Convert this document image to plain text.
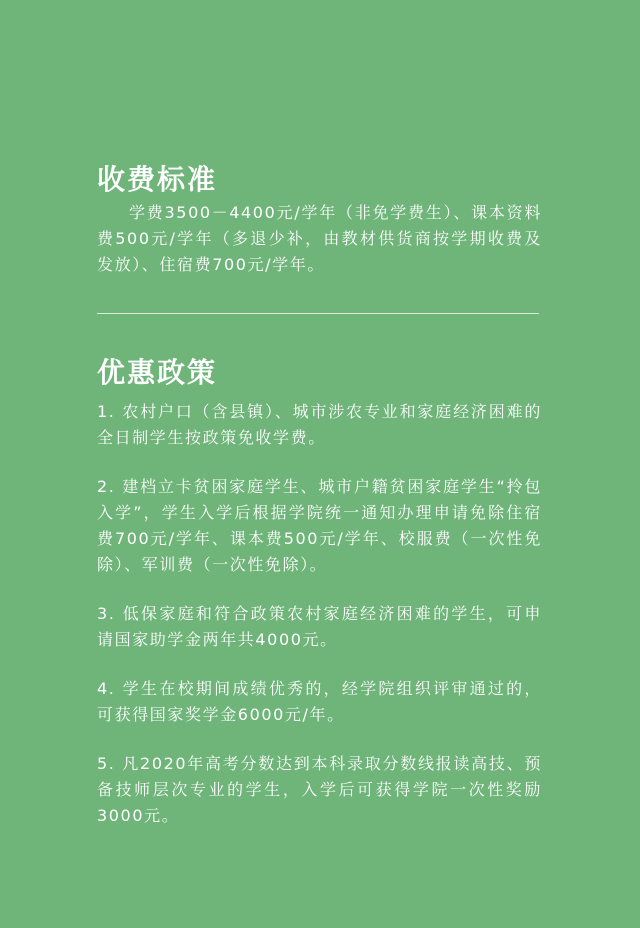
收费标准

学费3500－4400元/学年（非免学费生）、课本资料费500元/学年（多退少补，由教材供货商按学期收费及发放）、住宿费700元/学年。

优惠政策

1. 农村户口（含县镇）、城市涉农专业和家庭经济困难的全日制学生按政策免收学费。

2. 建档立卡贫困家庭学生、城市户籍贫困家庭学生“拎包入学”，学生入学后根据学院统一通知办理申请免除住宿费700元/学年、课本费500元/学年、校服费（一次性免除）、军训费（一次性免除）。

3. 低保家庭和符合政策农村家庭经济困难的学生，可申请国家助学金两年共4000元。

4. 学生在校期间成绩优秀的，经学院组织评审通过的，可获得国家奖学金6000元/年。

5. 凡2020年高考分数达到本科录取分数线报读高技、预备技师层次专业的学生，入学后可获得学院一次性奖励3000元。
